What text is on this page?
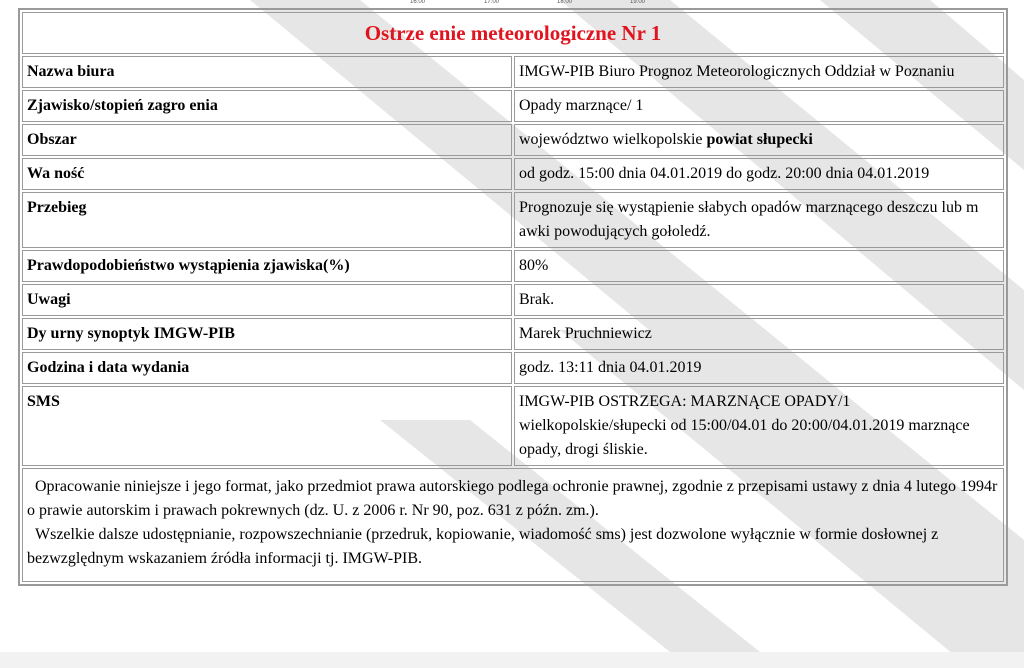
16:00	17:00	18:00	19:00
Ostrze enie meteorologiczne Nr 1	
Nazwa biura	IMGW-PIB Biuro Prognoz Meteorologicznych Oddział w Poznaniu
Zjawisko/stopień zagro enia	Opady marznące/ 1
Obszar	województwo wielkopolskie powiat słupecki
Wa ność	od godz. 15:00 dnia 04.01.2019 do godz. 20:00 dnia 04.01.2019
Przebieg	Prognozuje się wystąpienie słabych opadów marznącego deszczu lub m awki powodujących gołoledź.
Prawdopodobieństwo wystąpienia zjawiska(%)	80%
Uwagi	Brak.
Dy urny synoptyk IMGW-PIB	Marek Pruchniewicz
Godzina i data wydania	godz. 13:11 dnia 04.01.2019
SMS	IMGW-PIB OSTRZEGA: MARZNĄCE OPADY/1 wielkopolskie/słupecki od 15:00/04.01 do 20:00/04.01.2019 marznące opady, drogi śliskie.

Opracowanie niniejsze i jego format, jako przedmiot prawa autorskiego podlega ochronie prawnej, zgodnie z przepisami ustawy z dnia 4 lutego 1994r o prawie autorskim i prawach pokrewnych (dz. U. z 2006 r. Nr 90, poz. 631 z późn. zm.).

Wszelkie dalsze udostępnianie, rozpowszechnianie (przedruk, kopiowanie, wiadomość sms) jest dozwolone wyłącznie w formie dosłownej z bezwzględnym wskazaniem źródła informacji tj. IMGW-PIB.	
